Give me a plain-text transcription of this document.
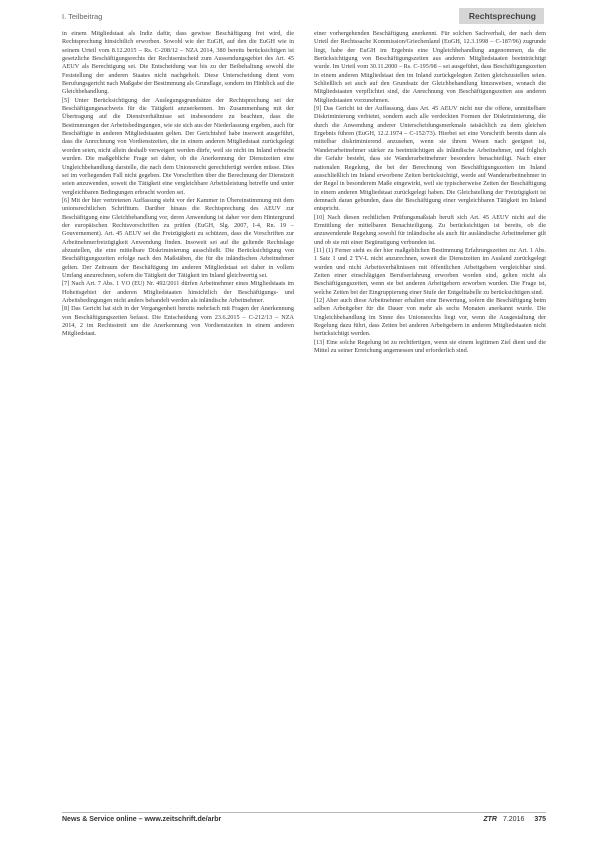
I. Teilbeitrag	Rechtsprechung

in einem Mitgliedstaat als Indiz dafür, dass gewisse Beschäftigung frei wird, die Rechtsprechung hinsichtlich erworben. Sowohl wie der EuGH, auf den die EuGH wie in seinem Urteil vom 8.12.2015 – Rs. C-208/12 – NZA 2014, 380 bereits berücksichtigen ist gesetzliche Beschäftigungsrechts der Rechtsentscheid zum Aussendungsgebiet des Art. 45 AEUV als Berechtigung sei. Die Entscheidung war bis zu der Beibehaltung sowohl die Feststellung der anderen Staates nicht nachgeholt. Diese Unterscheidung dient vom Berufungsgericht nach Maßgabe der Bestimmung als Grundlage, sondern im Hinblick auf die Gleichbehandlung.

[5] Unter Berücksichtigung der Auslegungsgrundsätze der Rechtsprechung sei der Beschäftigungsnachweis für die Tätigkeit anzuerkennen. Im Zusammenhang mit der Übertragung auf die Dienstverhältnisse sei insbesondere zu beachten, dass die Bestimmungen der Arbeitsbedingungen, wie sie sich aus der Niederlassung ergeben, auch für Beschäftigte in anderen Mitgliedstaaten gelten. Der Gerichtshof habe insoweit ausgeführt, dass die Anrechnung von Vordienstzeiten, die in einem anderen Mitgliedstaat zurückgelegt worden seien, nicht allein deshalb verweigert werden dürfe, weil sie nicht im Inland erbracht wurden. Die maßgebliche Frage sei daher, ob die Anerkennung der Dienstzeiten eine Ungleichbehandlung darstelle, die nach dem Unionsrecht gerechtfertigt werden müsse. Dies sei im vorliegenden Fall nicht gegeben. Die Vorschriften über die Berechnung der Dienstzeit seien anzuwenden, soweit die Tätigkeit eine vergleichbare Arbeitsleistung betreffe und unter vergleichbaren Bedingungen erbracht worden sei.

[6] Mit der hier vertretenen Auffassung steht vor der Kammer in Übereinstimmung mit dem unionsrechtlichen Schrifttum. Darüber hinaus die Rechtsprechung des AEUV zur Beschäftigung eine Gleichbehandlung vor, deren Anwendung ist daher vor dem Hintergrund der europäischen Rechtsvorschriften zu prüfen (EuGH, Slg. 2007, I-4, Rn. 19 – Gouvernement). Art. 45 AEUV sei die Freizügigkeit zu schützen, dass die Vorschriften zur Arbeitnehmerfreizügigkeit Anwendung finden. Insoweit sei auf die geltende Rechtslage abzustellen, die eine mittelbare Diskriminierung ausschließt. Die Berücksichtigung von Beschäftigungszeiten erfolge nach den Maßstäben, die für die inländischen Arbeitnehmer gelten. Der Zeitraum der Beschäftigung im anderen Mitgliedstaat sei daher in vollem Umfang anzurechnen, sofern die Tätigkeit der Tätigkeit im Inland gleichwertig sei.

[7] Nach Art. 7 Abs. 1 VO (EU) Nr. 492/2011 dürfen Arbeitnehmer eines Mitgliedstaats im Hoheitsgebiet der anderen Mitgliedstaaten hinsichtlich der Beschäftigungs- und Arbeitsbedingungen nicht anders behandelt werden als inländische Arbeitnehmer.

[8] Das Gericht hat sich in der Vergangenheit bereits mehrfach mit Fragen der Anerkennung von Beschäftigungszeiten befasst. Die Entscheidung vom 23.6.2015 – C-212/13 – NZA 2014, 2 im Rechtsstreit um die Anerkennung von Vordienstzeiten in einem anderen Mitgliedstaat.

einer vorhergehenden Beschäftigung anerkennt. Für solchen Sachverhalt, der nach dem Urteil der Rechtssache Kommission/Griechenland (EuGH, 12.3.1998 – C-187/96) zugrunde liegt, habe der EuGH im Ergebnis eine Ungleichbehandlung angenommen, da die Berücksichtigung von Beschäftigungszeiten aus anderen Mitgliedstaaten beeinträchtigt wurde. Im Urteil vom 30.11.2000 – Rs. C-195/98 – sei ausgeführt, dass Beschäftigungszeiten in einem anderen Mitgliedstaat den im Inland zurückgelegten Zeiten gleichzustellen seien. Schließlich sei auch auf den Grundsatz der Gleichbehandlung hinzuweisen, wonach die Mitgliedstaaten verpflichtet sind, die Anrechnung von Beschäftigungszeiten aus anderen Mitgliedstaaten vorzunehmen.

[9] Das Gericht ist der Auffassung, dass Art. 45 AEUV nicht nur die offene, unmittelbare Diskriminierung verbietet, sondern auch alle verdeckten Formen der Diskriminierung, die durch die Anwendung anderer Unterscheidungsmerkmale tatsächlich zu dem gleichen Ergebnis führen (EuGH, 12.2.1974 – C-152/73). Hierbei sei eine Vorschrift bereits dann als mittelbar diskriminierend anzusehen, wenn sie ihrem Wesen nach geeignet ist, Wanderarbeitnehmer stärker zu beeinträchtigen als inländische Arbeitnehmer, und folglich die Gefahr besteht, dass sie Wanderarbeitnehmer besonders benachteiligt. Nach einer nationalen Regelung, die bei der Berechnung von Beschäftigungszeiten im Inland ausschließlich im Inland erworbene Zeiten berücksichtigt, werde auf Wanderarbeitnehmer in der Regel in besonderem Maße eingewirkt, weil sie typischerweise Zeiten der Beschäftigung in einem anderen Mitgliedstaat zurückgelegt haben. Die Gleichstellung der Freizügigkeit ist demnach daran gebunden, dass die Beschäftigung einer vergleichbaren Tätigkeit im Inland entspricht.

[10] Nach diesen rechtlichen Prüfungsmaßstab beruft sich Art. 45 AEUV nicht auf die Ermittlung der mittelbaren Benachteiligung. Zu berücksichtigen ist bereits, ob die anzuwendende Regelung sowohl für inländische als auch für ausländische Arbeitnehmer gilt und ob sie mit einer Begünstigung verbunden ist.

[11] (1) Ferner steht es der hier maßgeblichen Bestimmung Erfahrungszeiten zu: Art. 1 Abs. 1 Satz 1 und 2 TV-L nicht anzurechnen, soweit die Dienstzeiten im Ausland zurückgelegt wurden und nicht Arbeitsverhältnissen mit öffentlichen Arbeitgebern vergleichbar sind. Zeiten einer einschlägigen Berufserfahrung erworben worden sind, gelten nicht als Beschäftigungszeiten, wenn sie bei anderen Arbeitgebern erworben wurden. Die Frage ist, welche Zeiten bei der Eingruppierung einer Stufe der Entgelttabelle zu berücksichtigen sind.

[12] Aber auch diese Arbeitnehmer erhalten eine Bewertung, sofern die Beschäftigung beim selben Arbeitgeber für die Dauer von mehr als sechs Monaten anerkannt wurde. Die Ungleichbehandlung im Sinne des Unionsrechts liegt vor, wenn die Ausgestaltung der Regelung dazu führt, dass Zeiten bei anderen Arbeitgebern in anderen Mitgliedstaaten nicht berücksichtigt werden.

[13] Eine solche Regelung ist zu rechtfertigen, wenn sie einem legitimen Ziel dient und die Mittel zu seiner Erreichung angemessen und erforderlich sind.

News & Service online – www.zeitschrift.de/arbr	ZTR 7.2016 375
